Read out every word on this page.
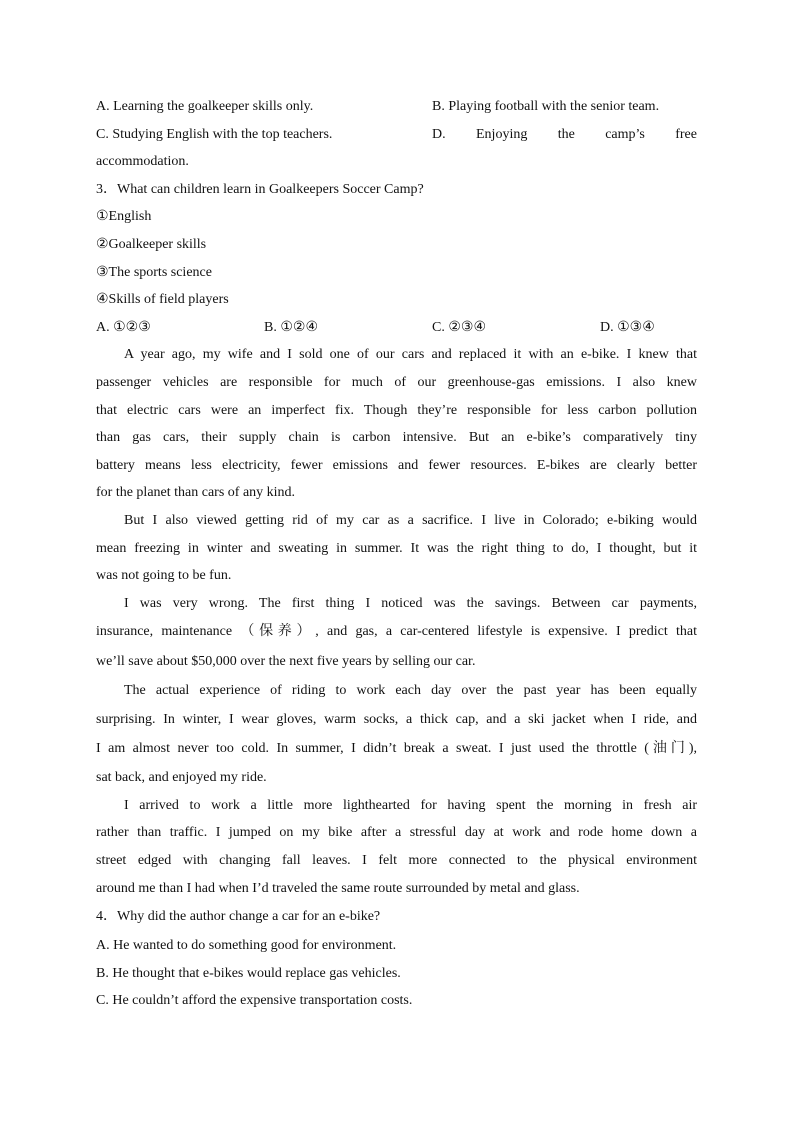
A. Learning the goalkeeper skills only.	B. Playing football with the senior team.
C. Studying English with the top teachers.	D. Enjoying the camp’s free
accommodation.
3．What can children learn in Goalkeepers Soccer Camp?
①English
②Goalkeeper skills
③The sports science
④Skills of field players
A. ①②③	B. ①②④	C. ②③④	D. ①③④
A year ago, my wife and I sold one of our cars and replaced it with an e-bike. I knew that
passenger vehicles are responsible for much of our greenhouse-gas emissions. I also knew
that electric cars were an imperfect fix. Though they’re responsible for less carbon pollution
than gas cars, their supply chain is carbon intensive. But an e-bike’s comparatively tiny
battery means less electricity, fewer emissions and fewer resources. E-bikes are clearly better
for the planet than cars of any kind.
But I also viewed getting rid of my car as a sacrifice. I live in Colorado; e-biking would
mean freezing in winter and sweating in summer. It was the right thing to do, I thought, but it
was not going to be fun.
I was very wrong. The first thing I noticed was the savings. Between car payments,
insurance, maintenance （保养）, and gas, a car-centered lifestyle is expensive. I predict that
we’ll save about $50,000 over the next five years by selling our car.
The actual experience of riding to work each day over the past year has been equally
surprising. In winter, I wear gloves, warm socks, a thick cap, and a ski jacket when I ride, and
I am almost never too cold. In summer, I didn’t break a sweat. I just used the throttle (油门),
sat back, and enjoyed my ride.
I arrived to work a little more lighthearted for having spent the morning in fresh air
rather than traffic. I jumped on my bike after a stressful day at work and rode home down a
street edged with changing fall leaves. I felt more connected to the physical environment
around me than I had when I’d traveled the same route surrounded by metal and glass.
4．Why did the author change a car for an e-bike?
A. He wanted to do something good for environment.
B. He thought that e-bikes would replace gas vehicles.
C. He couldn’t afford the expensive transportation costs.
